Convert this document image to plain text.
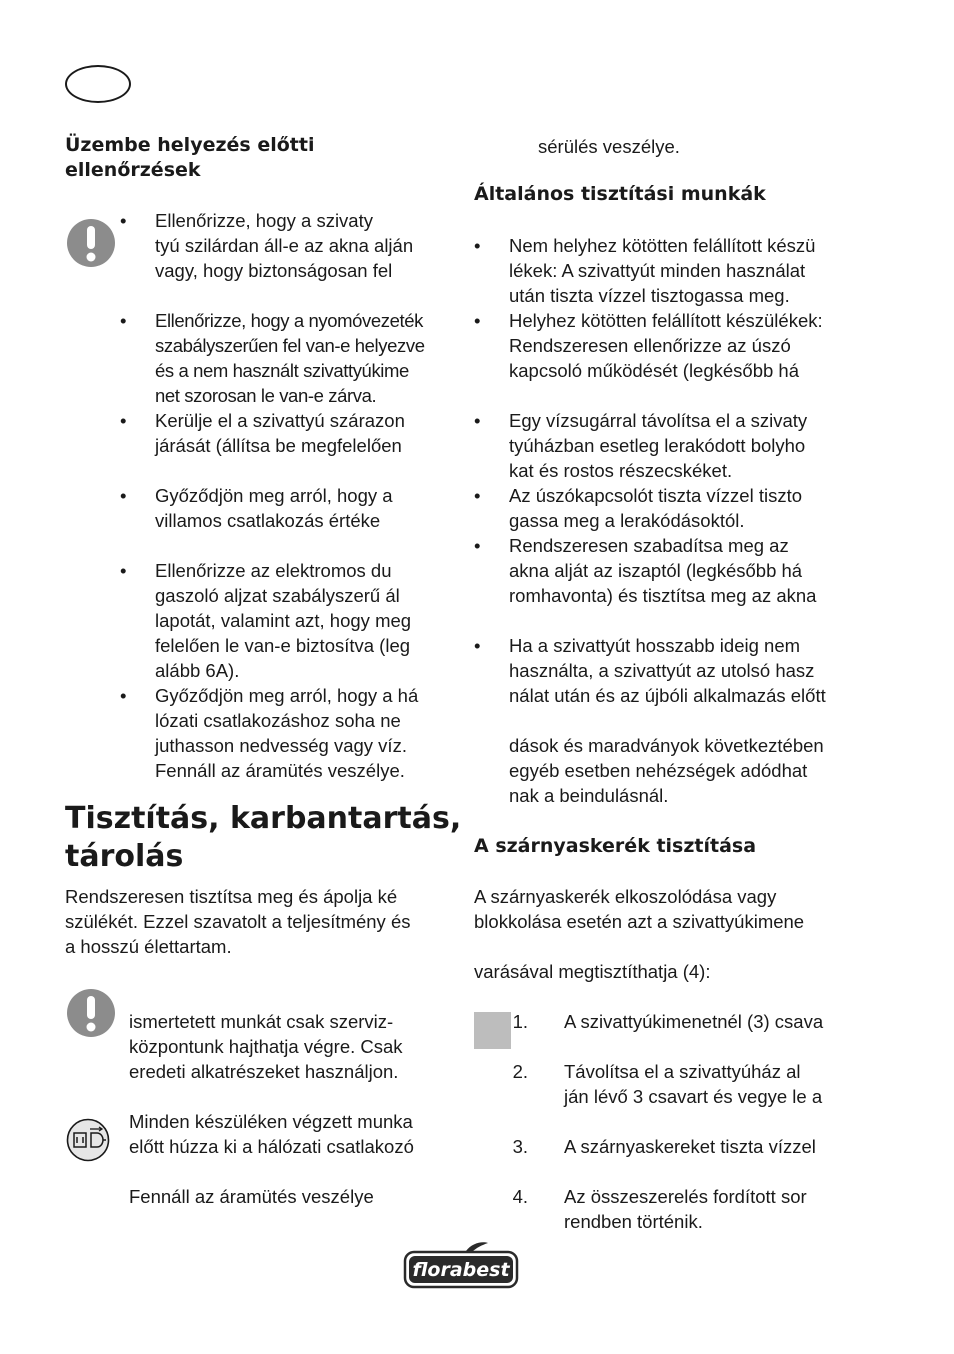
Üzembe helyezés előtti
ellenőrzések
•	Ellenőrizze, hogy a szivaty
tyú szilárdan áll-e az akna alján
vagy, hogy biztonságosan fel
•	Ellenőrizze, hogy a nyomóvezeték
szabályszerűen fel van-e helyezve
és a nem használt szivattyúkime
net szorosan le van-e zárva.
•	Kerülje el a szivattyú szárazon
járását (állítsa be megfelelően
•	Győződjön meg arról, hogy a
villamos csatlakozás értéke
•	Ellenőrizze az elektromos du
gaszoló aljzat szabályszerű ál
lapotát, valamint azt, hogy meg
felelően le van-e biztosítva (leg
alább 6A).
•	Győződjön meg arról, hogy a há
lózati csatlakozáshoz soha ne
juthasson nedvesség vagy víz.
Fennáll az áramütés veszélye.
Tisztítás, karbantartás,
tárolás
Rendszeresen tisztítsa meg és ápolja ké
szülékét. Ezzel szavatolt a teljesítmény és
a hosszú élettartam.
ismertetett munkát csak szerviz-
központunk hajthatja végre. Csak
eredeti alkatrészeket használjon.
Minden készüléken végzett munka
előtt húzza ki a hálózati csatlakozó
Fennáll az áramütés veszélye
sérülés veszélye.
Általános tisztítási munkák
•	Nem helyhez kötötten felállított készü
lékek: A szivattyút minden használat
után tiszta vízzel tisztogassa meg.
•	Helyhez kötötten felállított készülékek:
Rendszeresen ellenőrizze az úszó
kapcsoló működését (legkésőbb há
•	Egy vízsugárral távolítsa el a szivaty
tyúházban esetleg lerakódott bolyho
kat és rostos részecskéket.
•	Az úszókapcsolót tiszta vízzel tiszto
gassa meg a lerakódásoktól.
•	Rendszeresen szabadítsa meg az
akna alját az iszaptól (legkésőbb há
romhavonta) és tisztítsa meg az akna
•	Ha a szivattyút hosszabb ideig nem
használta, a szivattyút az utolsó hasz
nálat után és az újbóli alkalmazás előtt
dások és maradványok következtében
egyéb esetben nehézségek adódhat
nak a beindulásnál.
A szárnyaskerék tisztítása
A szárnyaskerék elkoszolódása vagy
blokkolása esetén azt a szivattyúkimene
varásával megtisztíthatja (4):
1.	A szivattyúkimenetnél (3) csava
2.	Távolítsa el a szivattyúház al
ján lévő 3 csavart és vegye le a
3.	A szárnyaskereket tiszta vízzel
4.	Az összeszerelés fordított sor
rendben történik.
florabest
